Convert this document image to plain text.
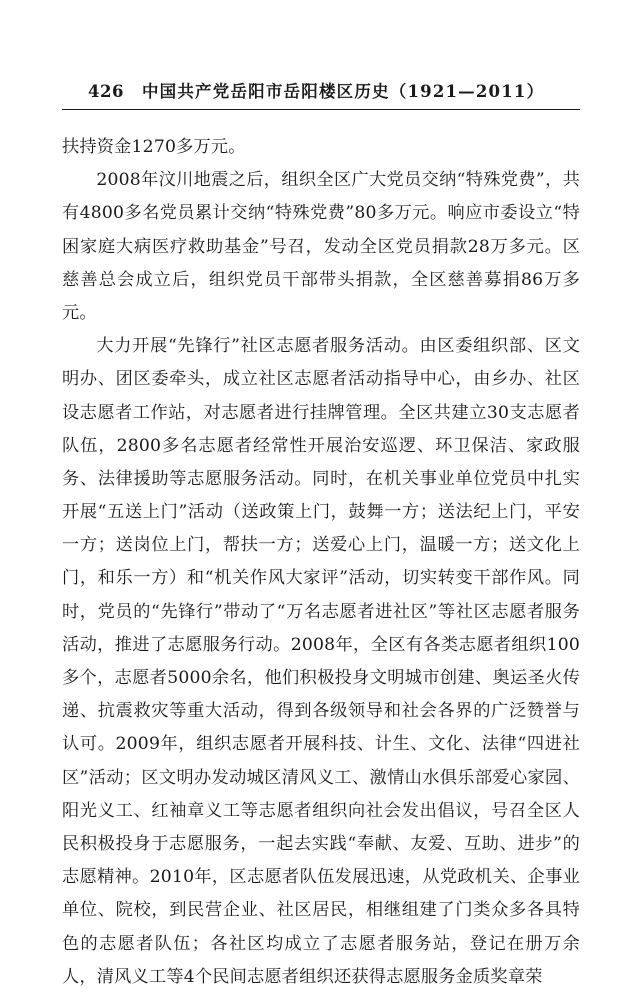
426 中国共产党岳阳市岳阳楼区历史（1921—2011）

扶持资金1270多万元。

2008年汶川地震之后，组织全区广大党员交纳“特殊党费”，共有4800多名党员累计交纳“特殊党费”80多万元。响应市委设立“特困家庭大病医疗救助基金”号召，发动全区党员捐款28万多元。区慈善总会成立后，组织党员干部带头捐款，全区慈善募捐86万多元。

大力开展“先锋行”社区志愿者服务活动。由区委组织部、区文明办、团区委牵头，成立社区志愿者活动指导中心，由乡办、社区设志愿者工作站，对志愿者进行挂牌管理。全区共建立30支志愿者队伍，2800多名志愿者经常性开展治安巡逻、环卫保洁、家政服务、法律援助等志愿服务活动。同时，在机关事业单位党员中扎实开展“五送上门”活动（送政策上门，鼓舞一方；送法纪上门，平安一方；送岗位上门，帮扶一方；送爱心上门，温暖一方；送文化上门，和乐一方）和“机关作风大家评”活动，切实转变干部作风。同时，党员的“先锋行”带动了“万名志愿者进社区”等社区志愿者服务活动，推进了志愿服务行动。2008年，全区有各类志愿者组织100多个，志愿者5000余名，他们积极投身文明城市创建、奥运圣火传递、抗震救灾等重大活动，得到各级领导和社会各界的广泛赞誉与认可。2009年，组织志愿者开展科技、计生、文化、法律“四进社区”活动；区文明办发动城区清风义工、激情山水俱乐部爱心家园、阳光义工、红袖章义工等志愿者组织向社会发出倡议，号召全区人民积极投身于志愿服务，一起去实践“奉献、友爱、互助、进步”的志愿精神。2010年，区志愿者队伍发展迅速，从党政机关、企事业单位、院校，到民营企业、社区居民，相继组建了门类众多各具特色的志愿者队伍；各社区均成立了志愿者服务站，登记在册万余人，清风义工等4个民间志愿者组织还获得志愿服务金质奖章荣
